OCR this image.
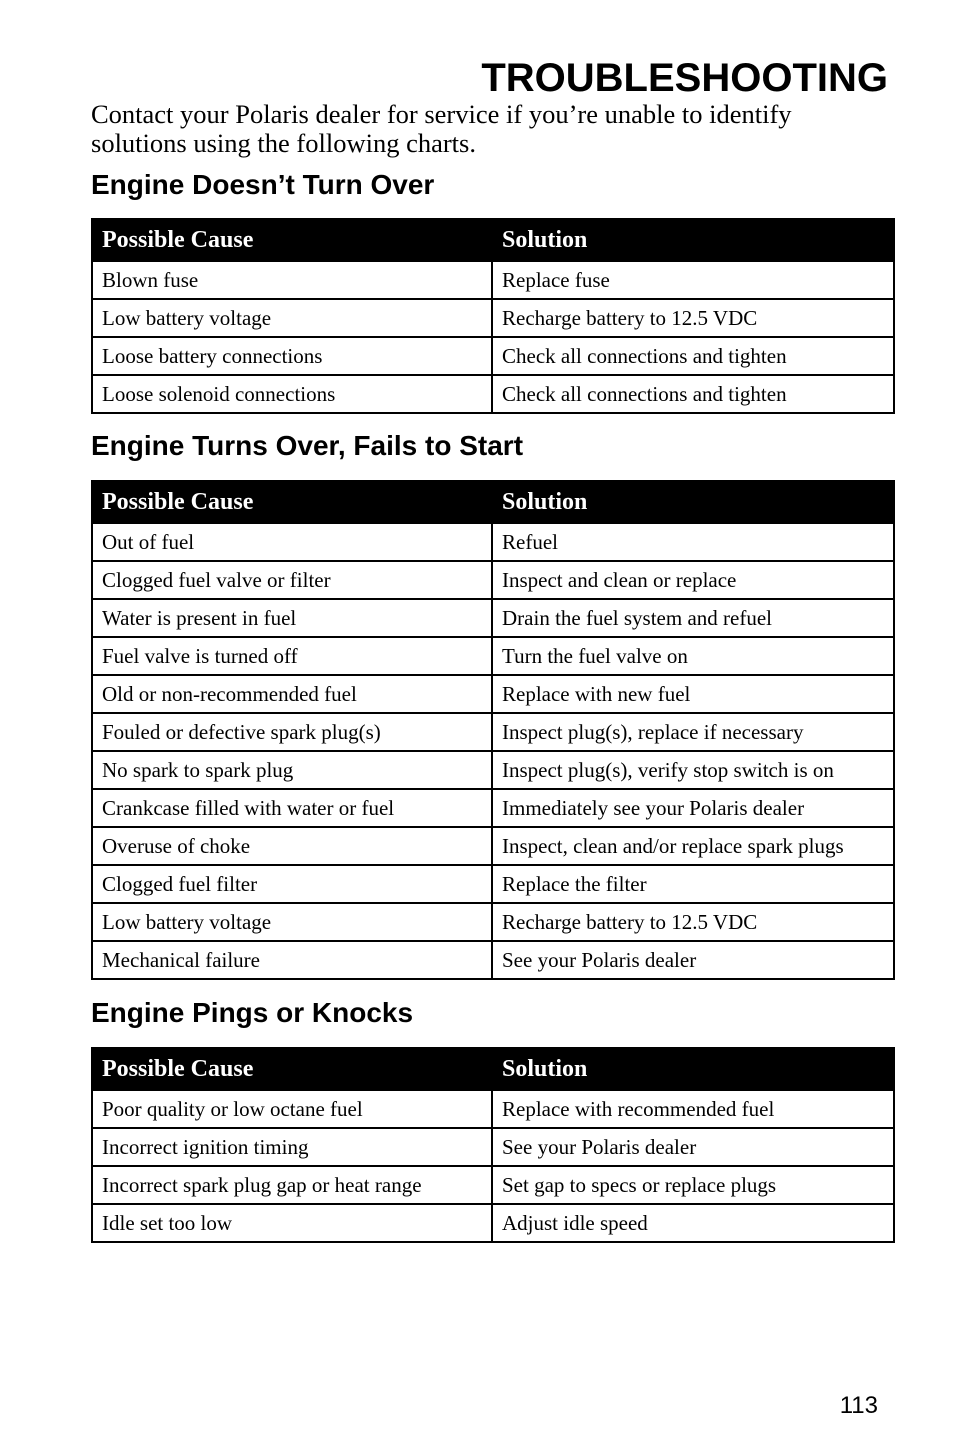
TROUBLESHOOTING

Contact your Polaris dealer for service if you’re unable to identify solutions using the following charts.

Engine Doesn’t Turn Over
Possible Cause	Solution
Blown fuse	Replace fuse
Low battery voltage	Recharge battery to 12.5 VDC
Loose battery connections	Check all connections and tighten
Loose solenoid connections	Check all connections and tighten
Engine Turns Over, Fails to Start
Possible Cause	Solution
Out of fuel	Refuel
Clogged fuel valve or filter	Inspect and clean or replace
Water is present in fuel	Drain the fuel system and refuel
Fuel valve is turned off	Turn the fuel valve on
Old or non-recommended fuel	Replace with new fuel
Fouled or defective spark plug(s)	Inspect plug(s), replace if necessary
No spark to spark plug	Inspect plug(s), verify stop switch is on
Crankcase filled with water or fuel	Immediately see your Polaris dealer
Overuse of choke	Inspect, clean and/or replace spark plugs
Clogged fuel filter	Replace the filter
Low battery voltage	Recharge battery to 12.5 VDC
Mechanical failure	See your Polaris dealer
Engine Pings or Knocks
Possible Cause	Solution
Poor quality or low octane fuel	Replace with recommended fuel
Incorrect ignition timing	See your Polaris dealer
Incorrect spark plug gap or heat range	Set gap to specs or replace plugs
Idle set too low	Adjust idle speed

113
